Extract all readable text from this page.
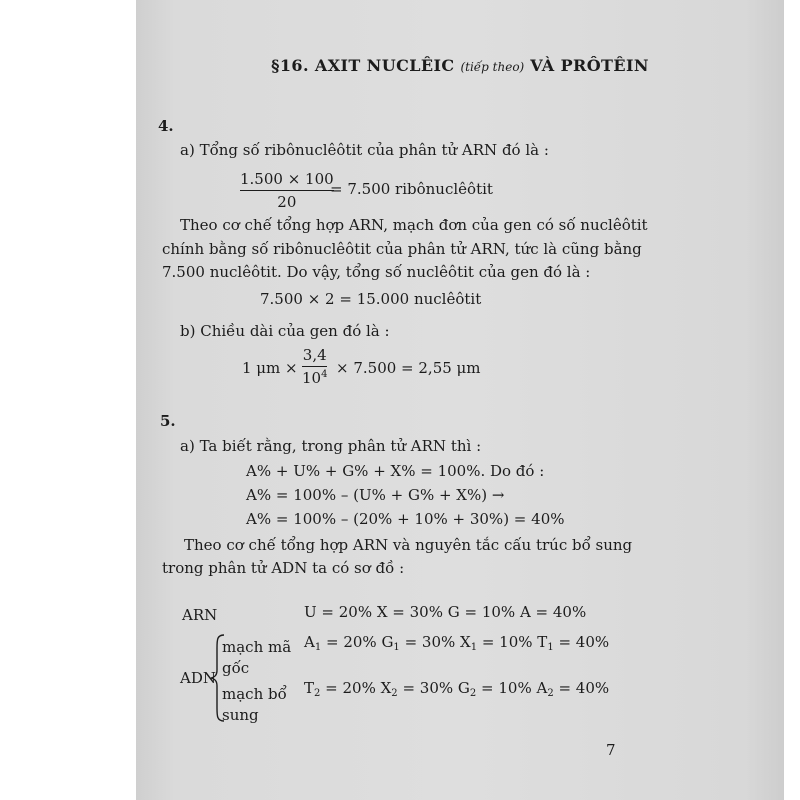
§16. AXIT NUCLÊIC (tiếp theo) VÀ PRÔTÊIN
4.
a) Tổng số ribônuclêôtit của phân tử ARN đó là :
1.500 × 100
20
= 7.500 ribônuclêôtit
Theo cơ chế tổng hợp ARN, mạch đơn của gen có số nuclêôtit
chính bằng số ribônuclêôtit của phân tử ARN, tức là cũng bằng
7.500 nuclêôtit. Do vậy, tổng số nuclêôtit của gen đó là :
7.500 × 2 = 15.000 nuclêôtit
b) Chiều dài của gen đó là :
1 μm ×
3,4
$10^4 \times 7.500 = 2,55$ μm
5.
a) Ta biết rằng, trong phân tử ARN thì :
A% + U% + G% + X% = 100%. Do đó :
A% = 100% – (U% + G% + X%) →
A% = 100% – (20% + 10% + 30%) = 40%
Theo cơ chế tổng hợp ARN và nguyên tắc cấu trúc bổ sung
trong phân tử ADN ta có sơ đồ :
ARN	U = 20% X = 30% G = 10% A = 40%
ADN
mạch mã
gốc
$A_1 = 20\%$ $G_1 = 30\%$ $X_1 = 10\%$ $T_1 = 40\%$
mạch bổ
sung
$T_2 = 20\%$ $X_2 = 30\%$ $G_2 = 10\%$ $A_2 = 40\%$
7
